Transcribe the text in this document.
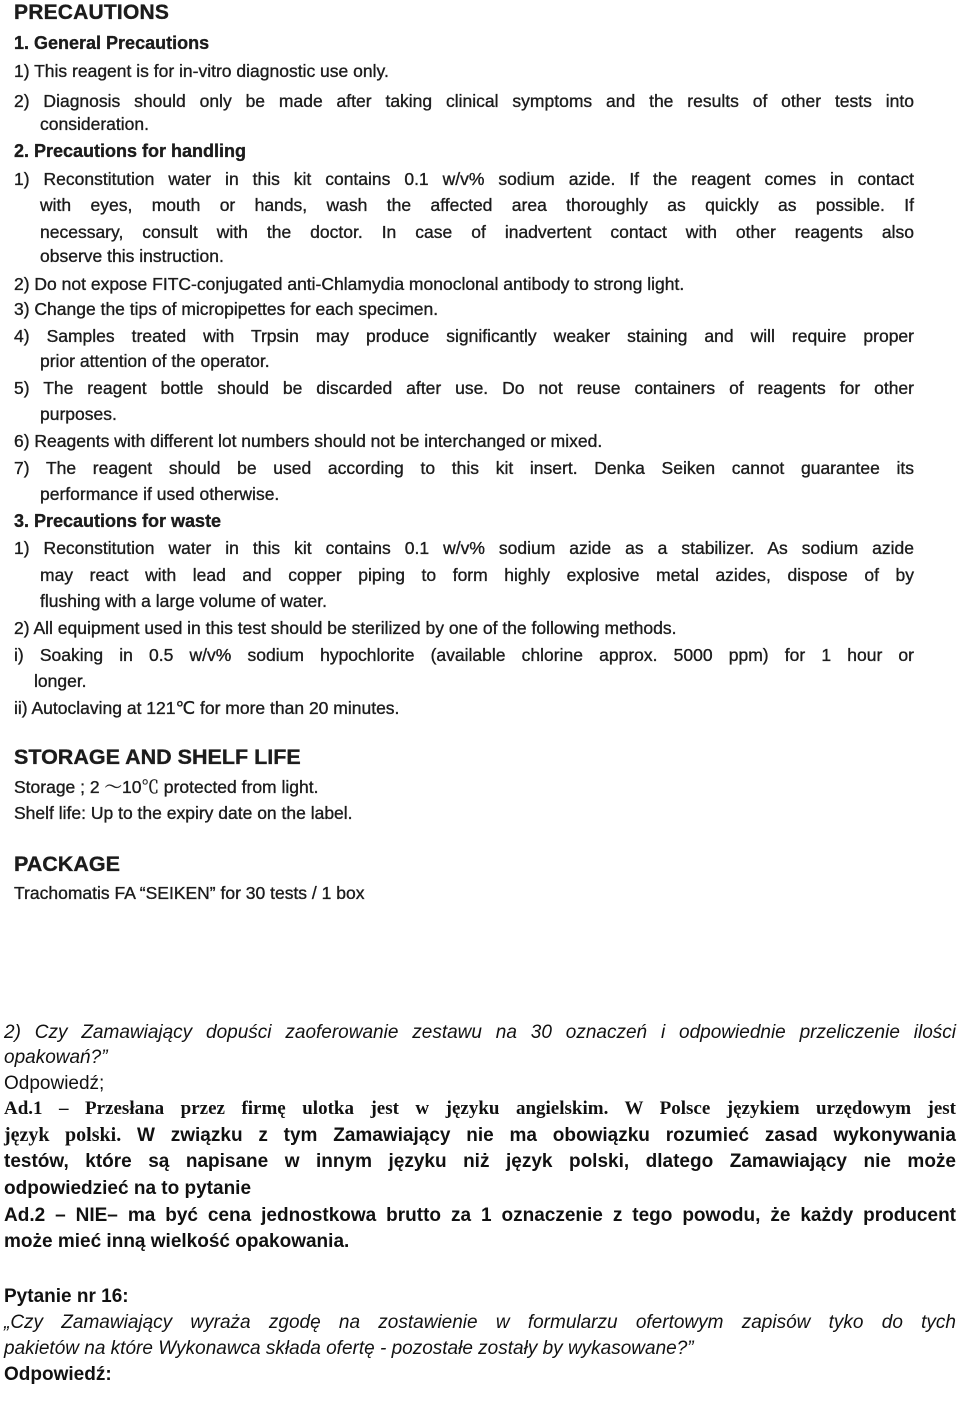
PRECAUTIONS

1. General Precautions

1) This reagent is for in-vitro diagnostic use only.

2) Diagnosis should only be made after taking clinical symptoms and the results of other tests into

consideration.

2. Precautions for handling

1) Reconstitution water in this kit contains 0.1 w/v% sodium azide. If the reagent comes in contact

with eyes, mouth or hands, wash the affected area thoroughly as quickly as possible. If

necessary, consult with the doctor. In case of inadvertent contact with other reagents also

observe this instruction.

2) Do not expose FITC-conjugated anti-Chlamydia monoclonal antibody to strong light.

3) Change the tips of micropipettes for each specimen.

4) Samples treated with Trpsin may produce significantly weaker staining and will require proper

prior attention of the operator.

5) The reagent bottle should be discarded after use. Do not reuse containers of reagents for other

purposes.

6) Reagents with different lot numbers should not be interchanged or mixed.

7) The reagent should be used according to this kit insert. Denka Seiken cannot guarantee its

performance if used otherwise.

3. Precautions for waste

1) Reconstitution water in this kit contains 0.1 w/v% sodium azide as a stabilizer. As sodium azide

may react with lead and copper piping to form highly explosive metal azides, dispose of by

flushing with a large volume of water.

2) All equipment used in this test should be sterilized by one of the following methods.

i) Soaking in 0.5 w/v% sodium hypochlorite (available chlorine approx. 5000 ppm) for 1 hour or

longer.

ii) Autoclaving at 121℃ for more than 20 minutes.

STORAGE AND SHELF LIFE

Storage ; 2 〜10℃ protected from light.

Shelf life: Up to the expiry date on the label.

PACKAGE

Trachomatis FA “SEIKEN” for 30 tests / 1 box

2) Czy Zamawiający dopuści zaoferowanie zestawu na 30 oznaczeń i odpowiednie przeliczenie ilości

opakowań?”

Odpowiedź;

Ad.1 – Przesłana przez firmę ulotka jest w języku angielskim. W Polsce językiem urzędowym jest

język polski. W związku z tym Zamawiający nie ma obowiązku rozumieć zasad wykonywania

testów, które są napisane w innym języku niż język polski, dlatego Zamawiający nie może

odpowiedzieć na to pytanie

Ad.2 – NIE– ma być cena jednostkowa brutto za 1 oznaczenie z tego powodu, że każdy producent

może mieć inną wielkość opakowania.

Pytanie nr 16:

„Czy Zamawiający wyraża zgodę na zostawienie w formularzu ofertowym zapisów tyko do tych

pakietów na które Wykonawca składa ofertę - pozostałe zostały by wykasowane?”

Odpowiedź:
